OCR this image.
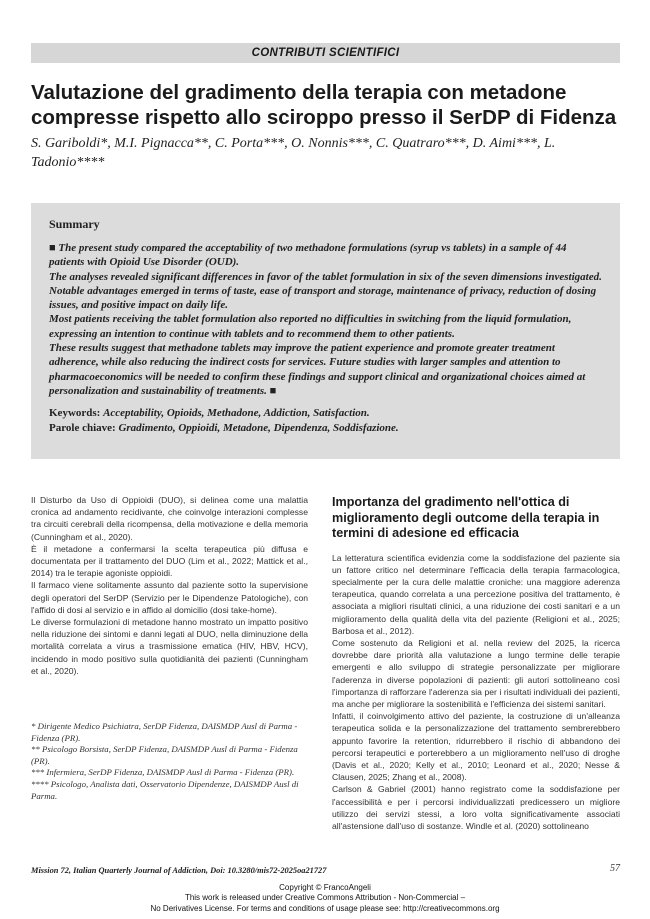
CONTRIBUTI SCIENTIFICI
Valutazione del gradimento della terapia con metadone compresse rispetto allo sciroppo presso il SerDP di Fidenza
S. Gariboldi*, M.I. Pignacca**, C. Porta***, O. Nonnis***, C. Quatraro***, D. Aimi***, L. Tadonio****
Summary

■ The present study compared the acceptability of two methadone formulations (syrup vs tablets) in a sample of 44 patients with Opioid Use Disorder (OUD).

The analyses revealed significant differences in favor of the tablet formulation in six of the seven dimensions investigated.

Notable advantages emerged in terms of taste, ease of transport and storage, maintenance of privacy, reduction of dosing issues, and positive impact on daily life.

Most patients receiving the tablet formulation also reported no difficulties in switching from the liquid formulation, expressing an intention to continue with tablets and to recommend them to other patients.

These results suggest that methadone tablets may improve the patient experience and promote greater treatment adherence, while also reducing the indirect costs for services. Future studies with larger samples and attention to pharmacoeconomics will be needed to confirm these findings and support clinical and organizational choices aimed at personalization and sustainability of treatments. ■

Keywords: Acceptability, Opioids, Methadone, Addiction, Satisfaction.
Parole chiave: Gradimento, Oppioidi, Metadone, Dipendenza, Soddisfazione.

Il Disturbo da Uso di Oppioidi (DUO), si delinea come una malattia cronica ad andamento recidivante, che coinvolge interazioni complesse tra circuiti cerebrali della ricompensa, della motivazione e della memoria (Cunningham et al., 2020).

È il metadone a confermarsi la scelta terapeutica più diffusa e documentata per il trattamento del DUO (Lim et al., 2022; Mattick et al., 2014) tra le terapie agoniste oppioidi.

Il farmaco viene solitamente assunto dal paziente sotto la supervisione degli operatori del SerDP (Servizio per le Dipendenze Patologiche), con l'affido di dosi al servizio e in affido al domicilio (dosi take-home).

Le diverse formulazioni di metadone hanno mostrato un impatto positivo nella riduzione dei sintomi e danni legati al DUO, nella diminuzione della mortalità correlata a virus a trasmissione ematica (HIV, HBV, HCV), incidendo in modo positivo sulla quotidianità dei pazienti (Cunningham et al., 2020).

* Dirigente Medico Psichiatra, SerDP Fidenza, DAISMDP Ausl di Parma - Fidenza (PR).

** Psicologo Borsista, SerDP Fidenza, DAISMDP Ausl di Parma - Fidenza (PR).

*** Infermiera, SerDP Fidenza, DAISMDP Ausl di Parma - Fidenza (PR).

**** Psicologo, Analista dati, Osservatorio Dipendenze, DAISMDP Ausl di Parma.

Importanza del gradimento nell'ottica di miglioramento degli outcome della terapia in termini di adesione ed efficacia

La letteratura scientifica evidenzia come la soddisfazione del paziente sia un fattore critico nel determinare l'efficacia della terapia farmacologica, specialmente per la cura delle malattie croniche: una maggiore aderenza terapeutica, quando correlata a una percezione positiva del trattamento, è associata a migliori risultati clinici, a una riduzione dei costi sanitari e a un miglioramento della qualità della vita del paziente (Religioni et al., 2025; Barbosa et al., 2012).

Come sostenuto da Religioni et al. nella review del 2025, la ricerca dovrebbe dare priorità alla valutazione a lungo termine delle terapie emergenti e allo sviluppo di strategie personalizzate per migliorare l'aderenza in diverse popolazioni di pazienti: gli autori sottolineano così l'importanza di rafforzare l'aderenza sia per i risultati individuali dei pazienti, ma anche per migliorare la sostenibilità e l'efficienza dei sistemi sanitari.

Infatti, il coinvolgimento attivo del paziente, la costruzione di un'alleanza terapeutica solida e la personalizzazione del trattamento sembrerebbero appunto favorire la retention, ridurrebbero il rischio di abbandono dei percorsi terapeutici e porterebbero a un miglioramento nell'uso di droghe (Davis et al., 2020; Kelly et al., 2010; Leonard et al., 2020; Nesse & Clausen, 2025; Zhang et al., 2008).

Carlson & Gabriel (2001) hanno registrato come la soddisfazione per l'accessibilità e per i percorsi individualizzati predicessero un migliore utilizzo dei servizi stessi, a loro volta significativamente associati all'astensione dall'uso di sostanze. Windle et al. (2020) sottolineano

Mission 72, Italian Quarterly Journal of Addiction, Doi: 10.3280/mis72-2025oa21727	57
Copyright © FrancoAngeli
This work is released under Creative Commons Attribution - Non-Commercial –
No Derivatives License. For terms and conditions of usage please see: http://creativecommons.org
